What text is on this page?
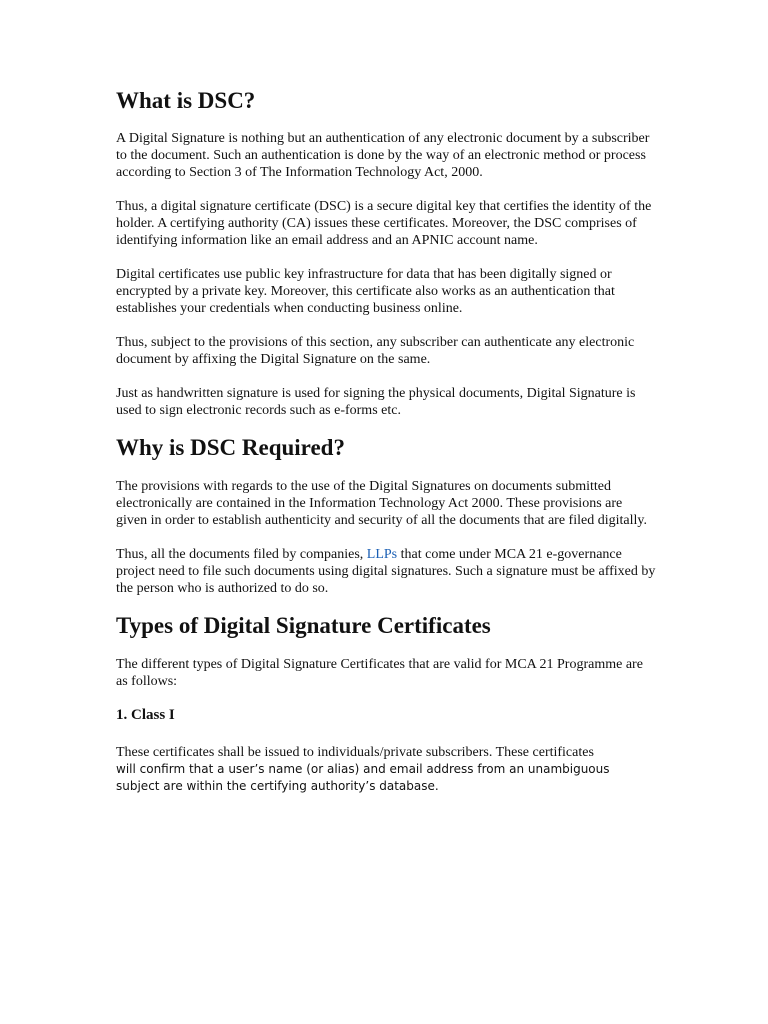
What is DSC?

A Digital Signature is nothing but an authentication of any electronic document by a subscriber to the document. Such an authentication is done by the way of an electronic method or process according to Section 3 of The Information Technology Act, 2000.

Thus, a digital signature certificate (DSC) is a secure digital key that certifies the identity of the holder. A certifying authority (CA) issues these certificates. Moreover, the DSC comprises of identifying information like an email address and an APNIC account name.

Digital certificates use public key infrastructure for data that has been digitally signed or encrypted by a private key. Moreover, this certificate also works as an authentication that establishes your credentials when conducting business online.

Thus, subject to the provisions of this section, any subscriber can authenticate any electronic document by affixing the Digital Signature on the same.

Just as handwritten signature is used for signing the physical documents, Digital Signature is used to sign electronic records such as e-forms etc.

Why is DSC Required?

The provisions with regards to the use of the Digital Signatures on documents submitted electronically are contained in the Information Technology Act 2000. These provisions are given in order to establish authenticity and security of all the documents that are filed digitally.

Thus, all the documents filed by companies, LLPs that come under MCA 21 e-governance project need to file such documents using digital signatures. Such a signature must be affixed by the person who is authorized to do so.

Types of Digital Signature Certificates

The different types of Digital Signature Certificates that are valid for MCA 21 Programme are as follows:

1. Class I

These certificates shall be issued to individuals/private subscribers. These certificates
will confirm that a user’s name (or alias) and email address from an unambiguous subject are within the certifying authority’s database.
